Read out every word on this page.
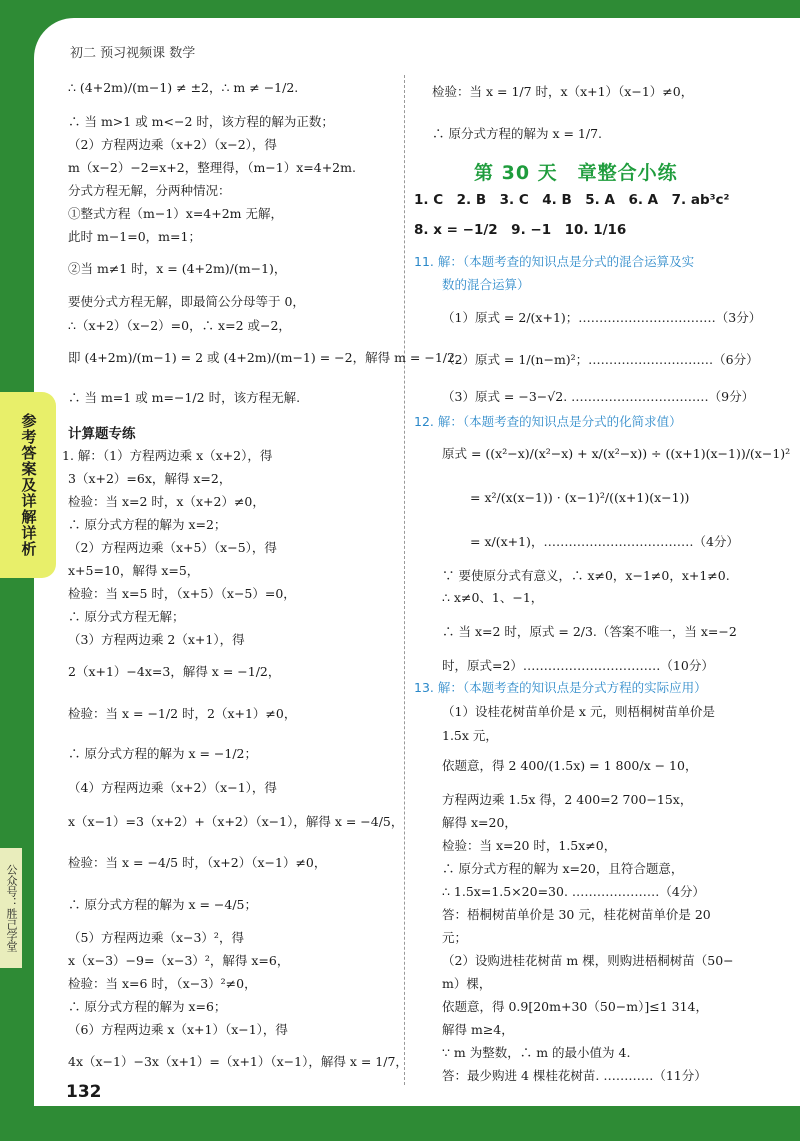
初二 预习视频课 数学
参考答案及详解详析
公众号：胜己学堂
∴ (4+2m)/(m−1) ≠ ±2，∴ m ≠ −1/2.
∴ 当 m>1 或 m<−2 时，该方程的解为正数；
（2）方程两边乘（x+2）（x−2），得
m（x−2）−2=x+2，整理得，（m−1）x=4+2m.
分式方程无解，分两种情况：
①整式方程（m−1）x=4+2m 无解，
此时 m−1=0，m=1；
②当 m≠1 时，x = (4+2m)/(m−1)，
要使分式方程无解，即最简公分母等于 0，
∴（x+2）（x−2）=0，∴ x=2 或−2，
即 (4+2m)/(m−1) = 2 或 (4+2m)/(m−1) = −2，解得 m = −1/2.
∴ 当 m=1 或 m=−1/2 时，该方程无解.
计算题专练
1. 解：（1）方程两边乘 x（x+2），得
3（x+2）=6x，解得 x=2，
检验：当 x=2 时，x（x+2）≠0，
∴ 原分式方程的解为 x=2；
（2）方程两边乘（x+5）（x−5），得
x+5=10，解得 x=5，
检验：当 x=5 时，（x+5）（x−5）=0，
∴ 原分式方程无解；
（3）方程两边乘 2（x+1），得
2（x+1）−4x=3，解得 x = −1/2，
检验：当 x = −1/2 时，2（x+1）≠0，
∴ 原分式方程的解为 x = −1/2；
（4）方程两边乘（x+2）（x−1），得
x（x−1）=3（x+2）+（x+2）（x−1），解得 x = −4/5，
检验：当 x = −4/5 时，（x+2）（x−1）≠0，
∴ 原分式方程的解为 x = −4/5；
（5）方程两边乘（x−3）²，得
x（x−3）−9=（x−3）²，解得 x=6，
检验：当 x=6 时，（x−3）²≠0，
∴ 原分式方程的解为 x=6；
（6）方程两边乘 x（x+1）（x−1），得
4x（x−1）−3x（x+1）=（x+1）（x−1），解得 x = 1/7，
检验：当 x = 1/7 时，x（x+1）（x−1）≠0，
∴ 原分式方程的解为 x = 1/7.
第 30 天　章整合小练
1. C　2. B　3. C　4. B　5. A　6. A　7. ab³c²
8. x = −1/2　9. −1　10. 1/16
11. 解：（本题考查的知识点是分式的混合运算及实
数的混合运算）
（1）原式 = 2/(x+1)；……………………………（3分）
（2）原式 = 1/(n−m)²；…………………………（6分）
（3）原式 = −3−√2. ……………………………（9分）
12. 解：（本题考查的知识点是分式的化简求值）
原式 = ((x²−x)/(x²−x) + x/(x²−x)) ÷ ((x+1)(x−1))/(x−1)²
= x²/(x(x−1)) · (x−1)²/((x+1)(x−1))
= x/(x+1)，………………………………（4分）
∵ 要使原分式有意义，∴ x≠0，x−1≠0，x+1≠0.
∴ x≠0、1、−1，
∴ 当 x=2 时，原式 = 2/3.（答案不唯一，当 x=−2
时，原式=2）……………………………（10分）
13. 解：（本题考查的知识点是分式方程的实际应用）
（1）设桂花树苗单价是 x 元，则梧桐树苗单价是
1.5x 元，
依题意，得 2 400/(1.5x) = 1 800/x − 10，
方程两边乘 1.5x 得，2 400=2 700−15x，
解得 x=20，
检验：当 x=20 时，1.5x≠0，
∴ 原分式方程的解为 x=20，且符合题意，
∴ 1.5x=1.5×20=30. …………………（4分）
答：梧桐树苗单价是 30 元，桂花树苗单价是 20
元；
（2）设购进桂花树苗 m 棵，则购进梧桐树苗（50−
m）棵，
依题意，得 0.9[20m+30（50−m）]≤1 314，
解得 m≥4，
∵ m 为整数，∴ m 的最小值为 4.
答：最少购进 4 棵桂花树苗. …………（11分）
132
